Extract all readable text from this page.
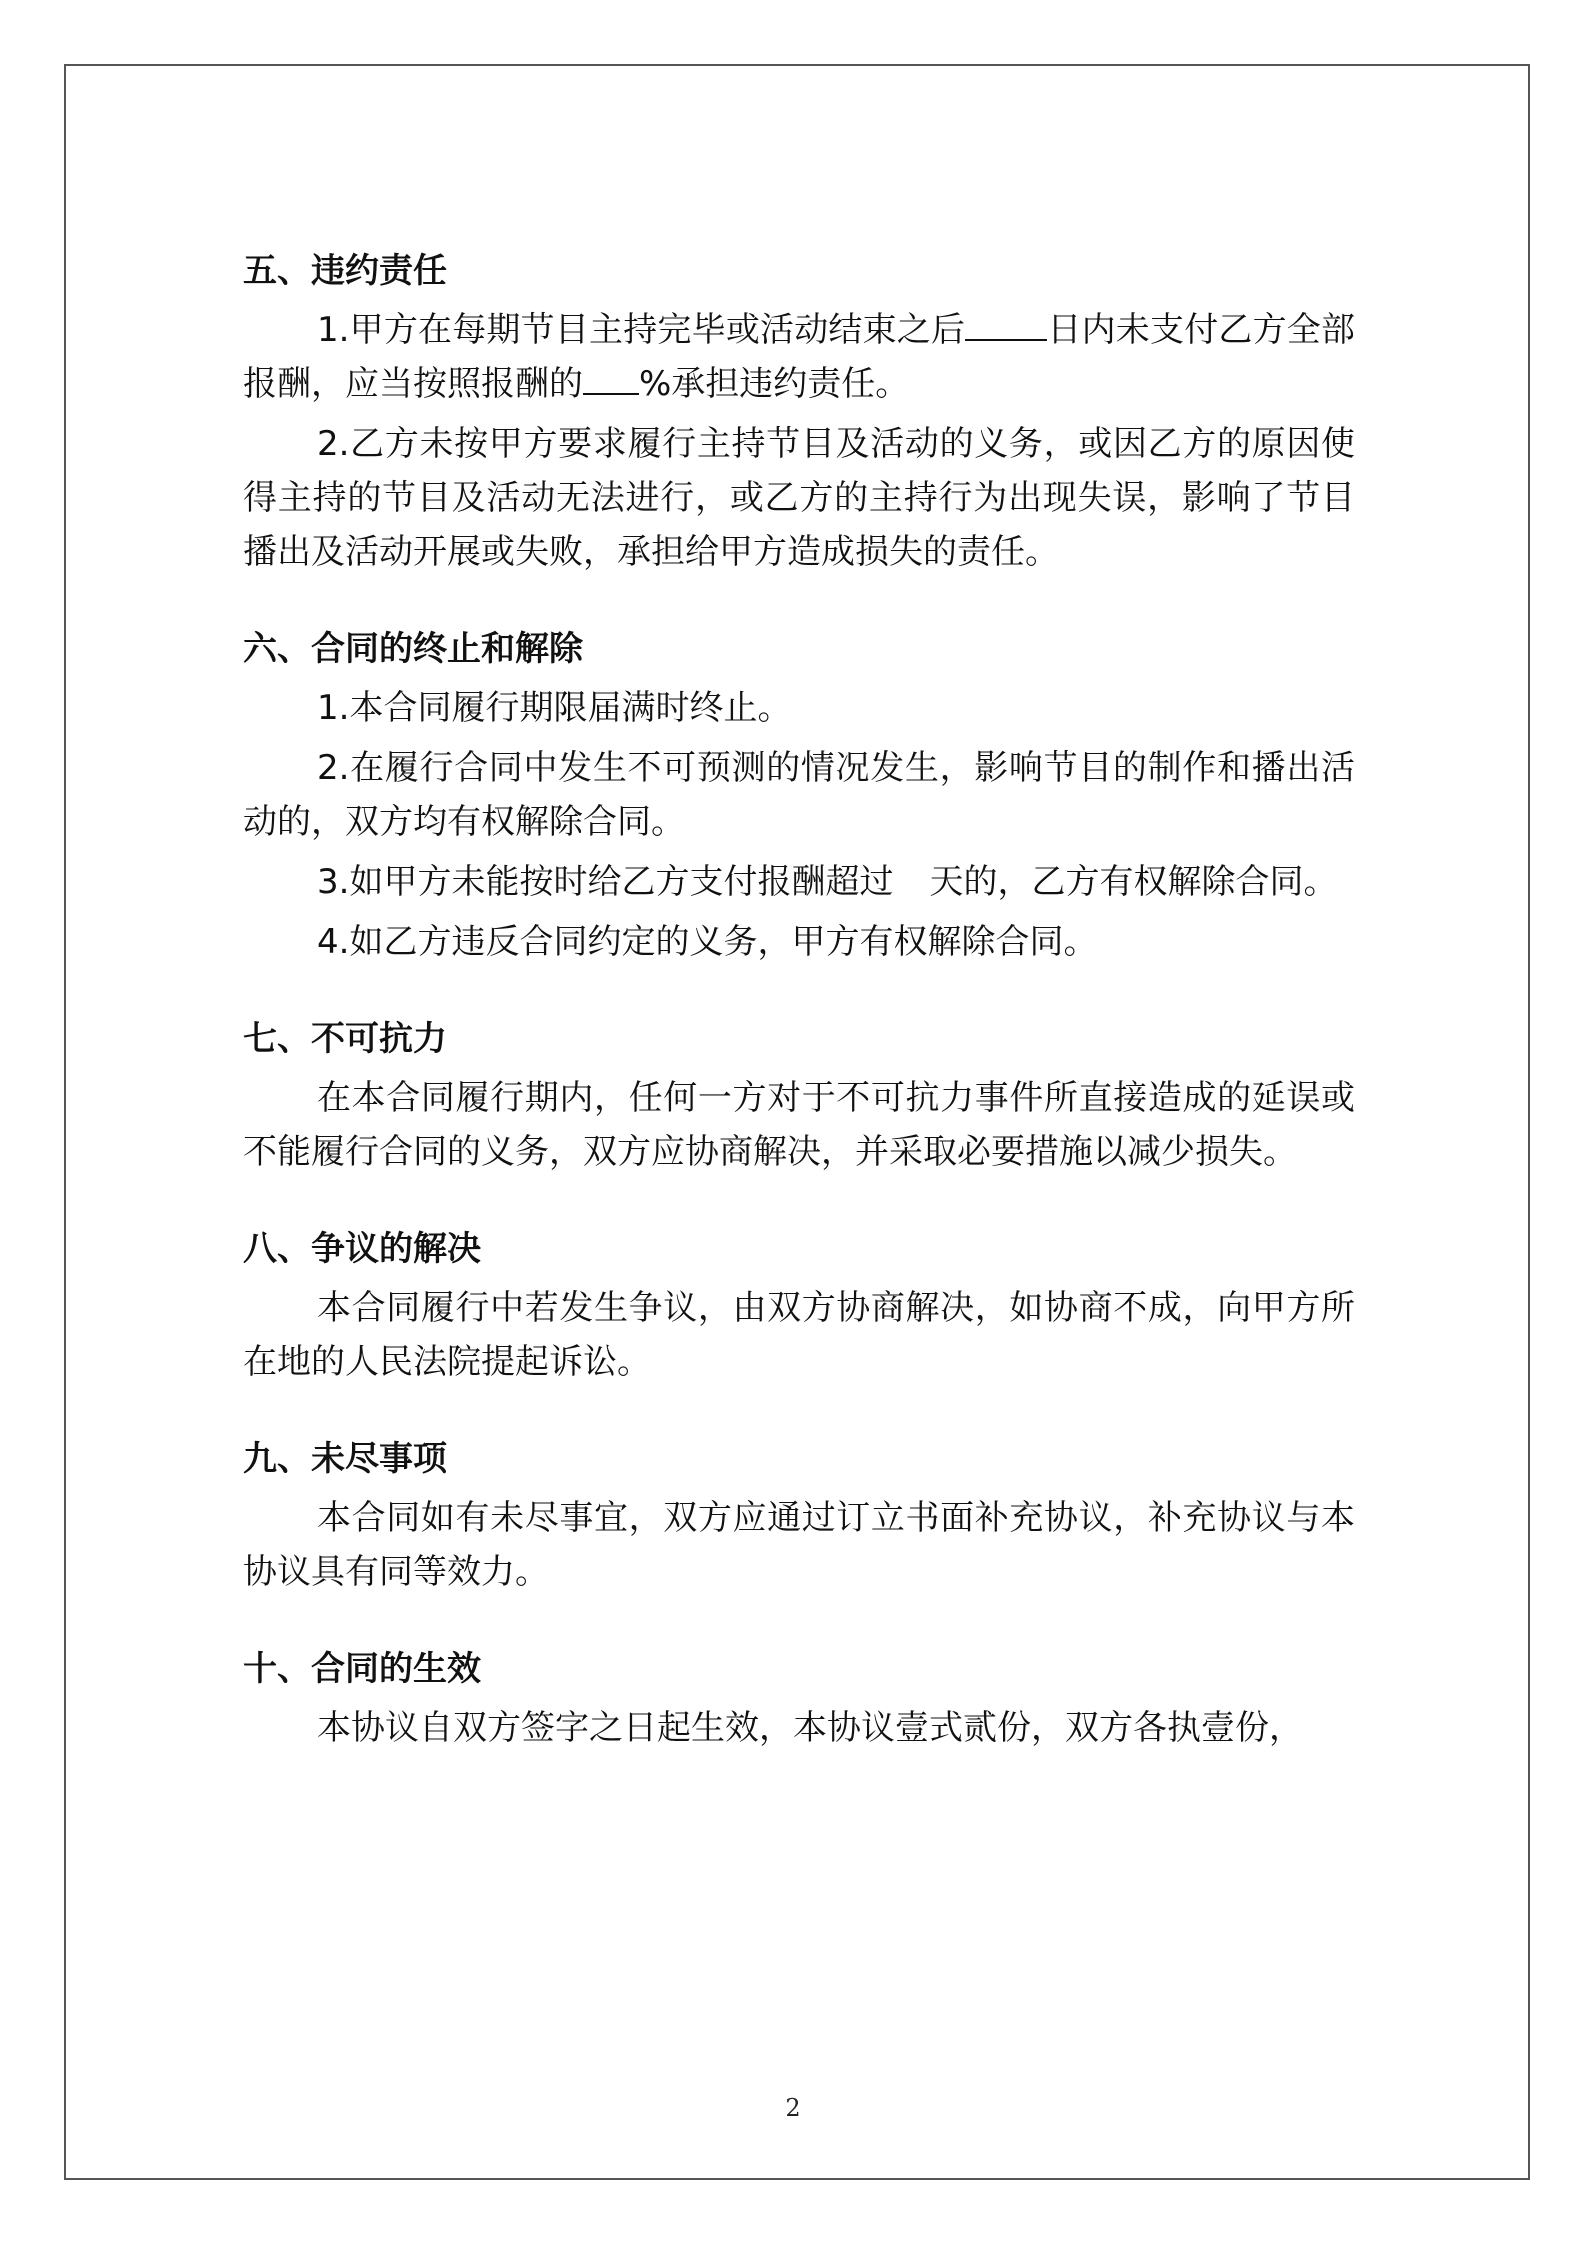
五、违约责任

1.甲方在每期节目主持完毕或活动结束之后 日内未支付乙方全部报酬，应当按照报酬的 %承担违约责任。

2.乙方未按甲方要求履行主持节目及活动的义务，或因乙方的原因使得主持的节目及活动无法进行，或乙方的主持行为出现失误，影响了节目播出及活动开展或失败，承担给甲方造成损失的责任。

六、合同的终止和解除

1.本合同履行期限届满时终止。

2.在履行合同中发生不可预测的情况发生，影响节目的制作和播出活动的，双方均有权解除合同。

3.如甲方未能按时给乙方支付报酬超过 天的，乙方有权解除合同。

4.如乙方违反合同约定的义务，甲方有权解除合同。

七、不可抗力

在本合同履行期内，任何一方对于不可抗力事件所直接造成的延误或不能履行合同的义务，双方应协商解决，并采取必要措施以减少损失。

八、争议的解决

本合同履行中若发生争议，由双方协商解决，如协商不成，向甲方所在地的人民法院提起诉讼。

九、未尽事项

本合同如有未尽事宜，双方应通过订立书面补充协议，补充协议与本协议具有同等效力。

十、合同的生效

本协议自双方签字之日起生效，本协议壹式贰份，双方各执壹份，

2
